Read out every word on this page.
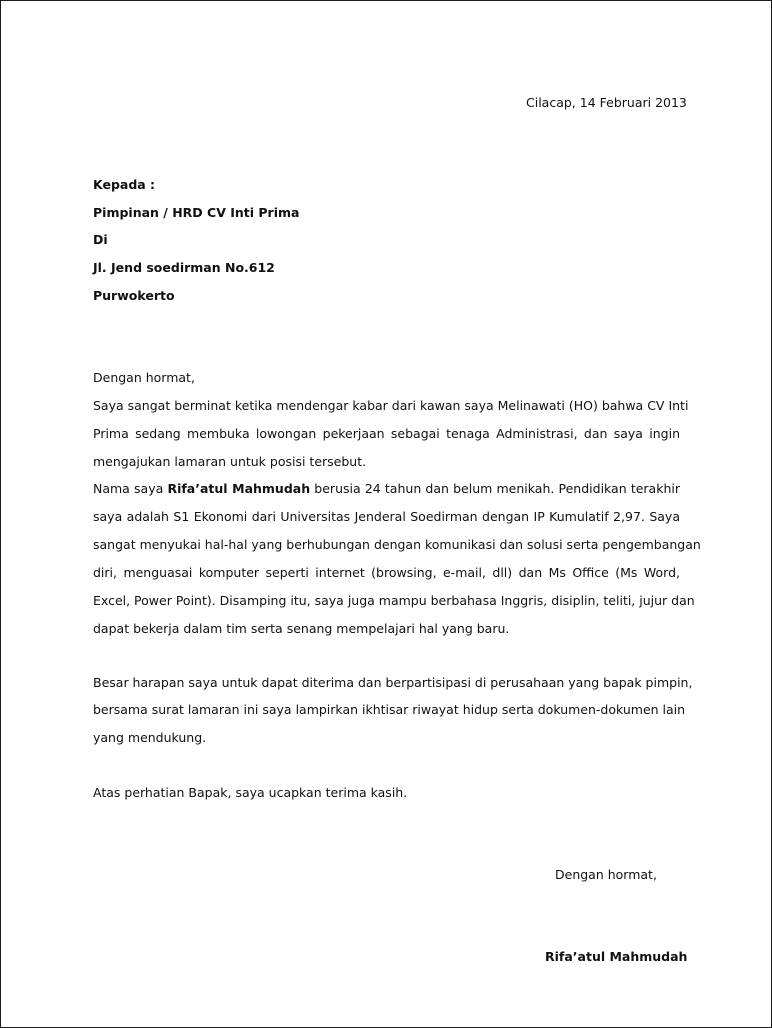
Cilacap, 14 Februari 2013
Kepada :
Pimpinan / HRD CV Inti Prima
Di
Jl. Jend soedirman No.612
Purwokerto
Dengan hormat,
Saya sangat berminat ketika mendengar kabar dari kawan saya Melinawati (HO) bahwa CV Inti
Prima sedang membuka lowongan pekerjaan sebagai tenaga Administrasi, dan saya ingin
mengajukan lamaran untuk posisi tersebut.
Nama saya Rifa’atul Mahmudah berusia 24 tahun dan belum menikah. Pendidikan terakhir
saya adalah S1 Ekonomi dari Universitas Jenderal Soedirman dengan IP Kumulatif 2,97. Saya
sangat menyukai hal-hal yang berhubungan dengan komunikasi dan solusi serta pengembangan
diri, menguasai komputer seperti internet (browsing, e-mail, dll) dan Ms Office (Ms Word,
Excel, Power Point). Disamping itu, saya juga mampu berbahasa Inggris, disiplin, teliti, jujur dan
dapat bekerja dalam tim serta senang mempelajari hal yang baru.
Besar harapan saya untuk dapat diterima dan berpartisipasi di perusahaan yang bapak pimpin,
bersama surat lamaran ini saya lampirkan ikhtisar riwayat hidup serta dokumen-dokumen lain
yang mendukung.
Atas perhatian Bapak, saya ucapkan terima kasih.
Dengan hormat,
Rifa’atul Mahmudah
